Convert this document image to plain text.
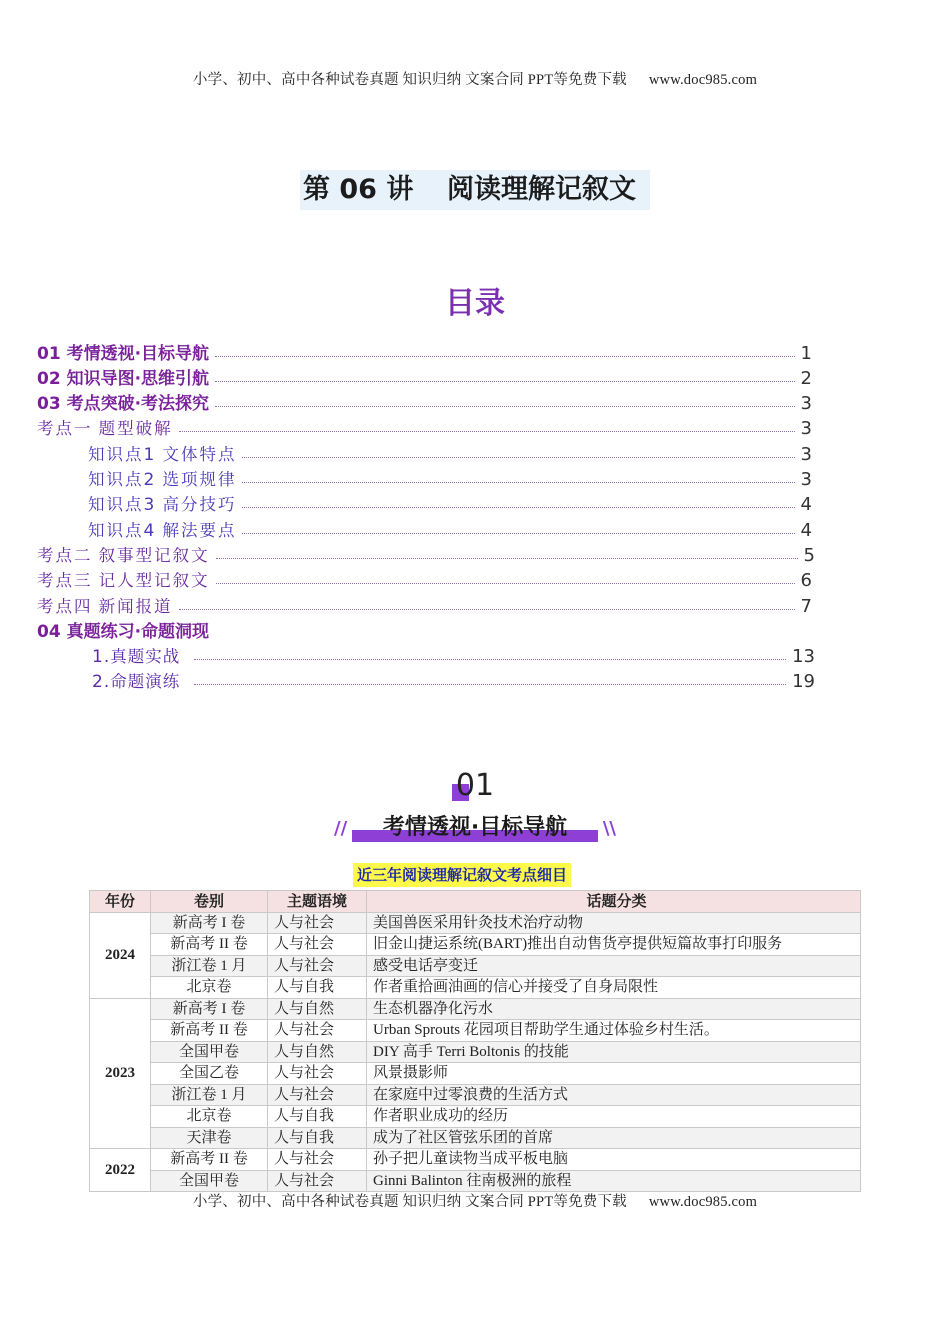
小学、初中、高中各种试卷真题 知识归纳 文案合同 PPT等免费下载 www.doc985.com
第 06 讲 阅读理解记叙文
目录
01 考情透视·目标导航	1
02 知识导图·思维引航	2
03 考点突破·考法探究	3
考点一 题型破解	3
知识点1 文体特点	3
知识点2 选项规律	3
知识点3 高分技巧	4
知识点4 解法要点	4
考点二 叙事型记叙文	5
考点三 记人型记叙文	6
考点四 新闻报道	7
04 真题练习·命题洞现
1.真题实战	13
2.命题演练	19
01
//	考情透视·目标导航	\\
近三年阅读理解记叙文考点细目
年份	卷别	主题语境	话题分类
2024	新高考 I 卷	人与社会	美国兽医采用针灸技术治疗动物
	新高考 II 卷	人与社会	旧金山捷运系统(BART)推出自动售货亭提供短篇故事打印服务
	浙江卷 1 月	人与社会	感受电话亭变迁
	北京卷	人与自我	作者重拾画油画的信心并接受了自身局限性
2023	新高考 I 卷	人与自然	生态机器净化污水
	新高考 II 卷	人与社会	Urban Sprouts 花园项目帮助学生通过体验乡村生活。
	全国甲卷	人与自然	DIY 高手 Terri Boltonis 的技能
	全国乙卷	人与社会	风景摄影师
	浙江卷 1 月	人与社会	在家庭中过零浪费的生活方式
	北京卷	人与自我	作者职业成功的经历
	天津卷	人与自我	成为了社区管弦乐团的首席
2022	新高考 II 卷	人与社会	孙子把儿童读物当成平板电脑
	全国甲卷	人与社会	Ginni Balinton 往南极洲的旅程
小学、初中、高中各种试卷真题 知识归纳 文案合同 PPT等免费下载 www.doc985.com
